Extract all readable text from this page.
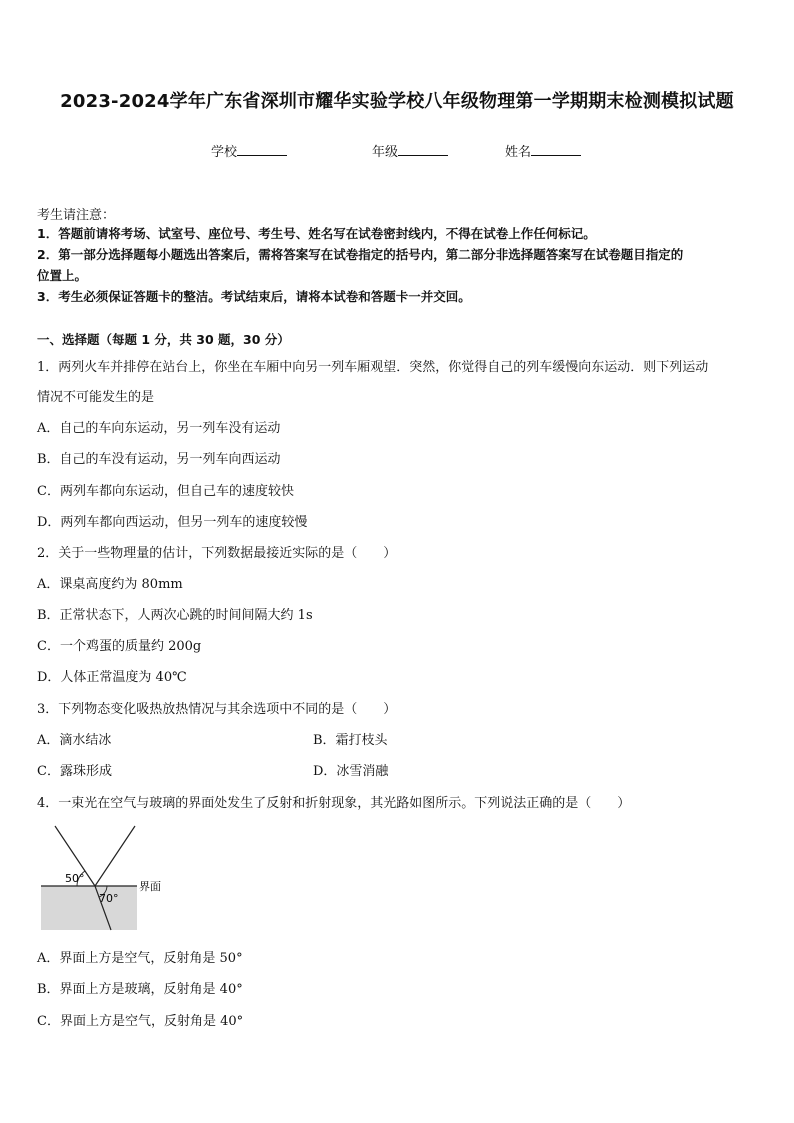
2023-2024学年广东省深圳市耀华实验学校八年级物理第一学期期末检测模拟试题
学校	年级	姓名
考生请注意：
1．答题前请将考场、试室号、座位号、考生号、姓名写在试卷密封线内，不得在试卷上作任何标记。
2．第一部分选择题每小题选出答案后，需将答案写在试卷指定的括号内，第二部分非选择题答案写在试卷题目指定的
位置上。
3．考生必须保证答题卡的整洁。考试结束后，请将本试卷和答题卡一并交回。
一、选择题（每题 1 分，共 30 题，30 分）
1．两列火车并排停在站台上，你坐在车厢中向另一列车厢观望．突然，你觉得自己的列车缓慢向东运动．则下列运动
情况不可能发生的是
A．自己的车向东运动，另一列车没有运动
B．自己的车没有运动，另一列车向西运动
C．两列车都向东运动，但自己车的速度较快
D．两列车都向西运动，但另一列车的速度较慢
2．关于一些物理量的估计，下列数据最接近实际的是（　　）
A．课桌高度约为 80mm
B．正常状态下，人两次心跳的时间间隔大约 1s
C．一个鸡蛋的质量约 200g
D．人体正常温度为 40℃
3．下列物态变化吸热放热情况与其余选项中不同的是（　　）
A．滴水结冰	B．霜打枝头
C．露珠形成	D．冰雪消融
4．一束光在空气与玻璃的界面处发生了反射和折射现象，其光路如图所示。下列说法正确的是（　　）
50°
70°
界面
A．界面上方是空气，反射角是 50°
B．界面上方是玻璃，反射角是 40°
C．界面上方是空气，反射角是 40°
